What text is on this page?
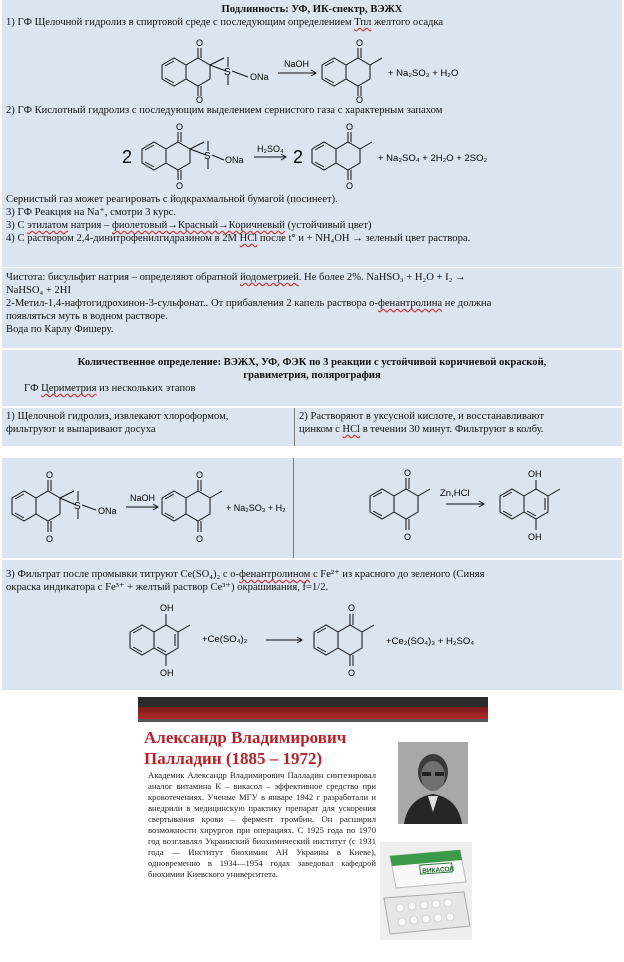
Подлинность: УФ, ИК-спектр, ВЭЖХ
1) ГФ Щелочной гидролиз в спиртовой среде с последующим определением Тпл желтого осадка
O
O
S ONa
NaOH
O
O
+ Na₂SO₃ + H₂O
2) ГФ Кислотный гидролиз с последующим выделением сернистого газа с характерным запахом
2
O
O
S ONa
H₂SO₄ 2
O
O
+ Na₂SO₄ + 2H₂O + 2SO₂
Сернистый газ может реагировать с йодкрахмальной бумагой (посинеет).
3) ГФ Реакция на Na⁺, смотри 3 курс.
3) С этилатом натрия – фиолетовый→Красный→Коричневый (устойчивый цвет)
4) С раствором 2,4-динитрофенилгидразином в 2М HCl после t° и + NH₄OH → зеленый цвет раствора.
Чистота: бисульфит натрия – определяют обратной йодометрией. Не более 2%. NaHSO₃ + H₂O + I₂ →
NaHSO₄ + 2HI
2-Метил-1,4-нафтогидрохинон-3-сульфонат.. От прибавления 2 капель раствора о-фенантролина не должна
появляться муть в водном растворе.
Вода по Карлу Фишеру.
Количественное определение: ВЭЖХ, УФ, ФЭК по 3 реакции с устойчивой коричневой окраской,
гравиметрия, полярография
ГФ Цериметрия из нескольких этапов
1) Щелочной гидролиз, извлекают хлороформом,
фильтруют и выпаривают досуха
2) Растворяют в уксусной кислоте, и восстанавливают
цинком с HCl в течении 30 минут. Фильтруют в колбу.
O
O
S ONa
NaOH
O
O
+ Na₂SO₃ + H₂
O
O
Zn,HCl
OH
OH
3) Фильтрат после промывки титруют Ce(SO₄)₂ с о-фенантролином с Fe²⁺ из красного до зеленого (Синяя
окраска индикатора с Fe³⁺ + желтый раствор Ce³⁺) окрашивания, f=1/2.
OH
OH
+Ce(SO₄)₂
O
O
+Ce₂(SO₄)₃ + H₂SO₄
Александр Владимирович
Палладин (1885 – 1972)
Академик Александр Владимирович Палладин синтезировал аналог витамина К – викасол – эффективное средство при кровотечениях. Ученые МГУ в январе 1942 г разработали и внедрили в медицинскую практику препарат для ускорения свертывания крови – фермент тромбин. Он расширил возможности хирургов при операциях. С 1925 года по 1970 год возглавлял Украинский биохимический институт (с 1931 года — Институт биохимии АН Украины в Киеве), одновременно в 1934—1954 годах заведовал кафедрой биохимии Киевского университета.	ВИКАСОЛ
